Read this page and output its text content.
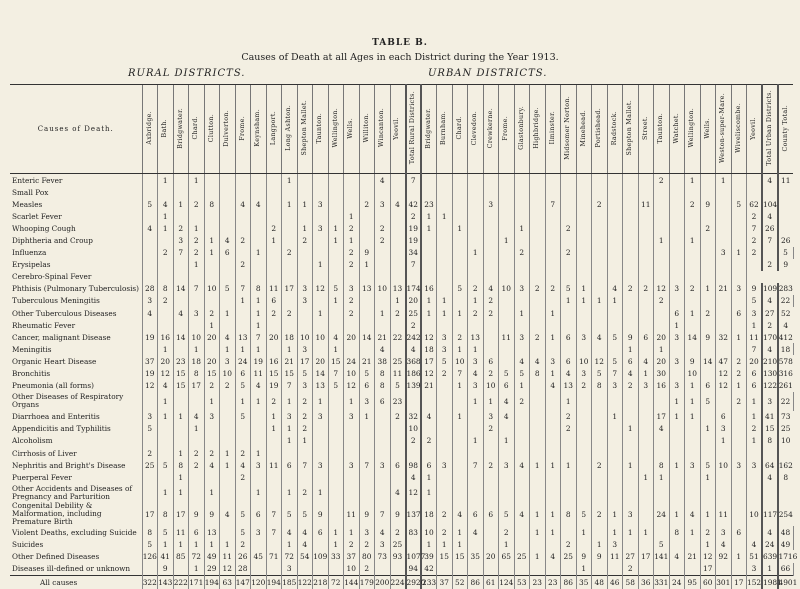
TABLE B.
Causes of Death at all Ages in each District during the Year 1913.
RURAL DISTRICTS.	URBAN DISTRICTS.
Causes of Death.	Axbridge.	Bath.	Bridgwater.	Chard.	Clutton.	Dulverton.	Frome.	Keynsham.	Langport.	Long Ashton.	Shepton Mallet.	Taunton.	Wellington.	Wells.	Williton.	Wincanton.	Yeovil.	Total Rural Districts.	Bridgwater.	Burnham.	Chard.	Clevedon.	Crewkerne.	Frome.	Glastonbury.	Highbridge.	Ilminster.	Midsomer Norton.	Minehead.	Portishead.	Radstock.	Shepton Mallet.	Street.	Taunton.	Watchet.	Wellington.	Wells.	Weston-super-Mare.	Wiveliscombe.	Yeovil.	Total Urban Districts.	County Total.	
Enteric Fever		1		1						1						4		7																2		1		1			4	11	
Small Pox																																											
Measles	5	4	1	2	8		4	4		1	1	3			2	3	4	42	23				3				7			2			11			2	9		5	62	104		
Scarlet Fever		1												1				2	1	1																				2	4		
Whooping Cough	4	1	2	1					2		1	3	1	2		2		19	1		1				1			2									2			7	26		
Diphtheria and Croup			3	2	1	4	2		1		2		1	1		2		19						1										1		1				2	7	26	
Influenza		2	7	2	1	6		1		2				2	9			34				1			2			2										3	1	2		5			
Erysipelas				1			2					1		2	1			7																							2	9	
Cerebro-Spinal Fever																																											
Phthisis (Pulmonary Tuberculosis)	28	8	14	7	10	5	7	8	11	17	3	12	5	3	13	10	13	174	16		5	2	4	10	3	2	2	5	1		4	2	2	12	3	2	1	21	3	9	109	283	
Tuberculous Meningitis	3	2					1	1	6		3		1	2			1	20	1	1		1	2					1	1	1	1			2						5	4	22	
Other Tuberculous Diseases	4		4	3	2	1		1	2	2		1		2		1	2	25	1	1	1	2	2		1		1								6	1	2		6	3	27	52	
Rheumatic Fever					1			1										2																	1					1	2	4	
Cancer, malignant Disease	19	16	14	10	20	4	13	7	20	18	10	10	4	20	14	21	22	242	12	3	2	13		11	3	2	1	6	3	4	5	9	6	20	3	14	9	32	1	11	170	412	
Meningitis		1		1		1	1	1		1	3		1			4		4	18	3	1	1										1		1						7	4	18	
Organic Heart Disease	37	20	23	18	20	3	24	19	16	21	17	20	15	24	21	38	25	368	17	5	10	3	6		4	4	3	6	10	12	5	6	4	20	3	9	14	47	2	20	210	578	
Bronchitis	19	12	15	8	15	10	6	11	15	15	5	14	7	10	5	8	11	186	12	2	7	4	2	5	5	8	1	4	3	5	7	4	1	30		10		12	2	6	130	316	
Pneumonia (all forms)	12	4	15	17	2	2	5	4	19	7	3	13	5	12	6	8	5	139	21		1	3	10	6	1		4	13	2	8	3	2	3	16	3	1	6	12	1	6	122	261	
Other Diseases of Respiratory Organs		1			1		1	1	2	1	2	1		1	3	6	23					1	1	4	2			1							1	1	5		2	1	3	22	
Diarrhoea and Enteritis	3	1	1	4	3		5		1	3	2	3		3	1		2	32	4		1		3	4				2			1			17	1	1		6		1	41	73	
Appendicitis and Typhilitis	5			1					1	1	2							10					2					2				1		4			1	3		2	15	25	
Alcoholism										1	1							2	2			1		1														1		1	8	10	
Cirrhosis of Liver	2		1	2	2	1	2	1																																			
Nephritis and Bright's Disease	25	5	8	2	4	1	4	3	11	6	7	3		3	7	3	6	98	6	3		7	2	3	4	1	1	1		2		1		8	1	3	5	10	3	3	64	162	
Puerperal Fever			1				2											4	1														1	1			1				4	8	
Other Accidents and Diseases of Pregnancy and Parturition		1	1		1			1		1	2	1					4	12	1																								
Congenital Debility & Malformation, including Premature Birth	17	8	17	9	9	4	5	6	7	5	5	9		11	9	7	9	137	18	2	4	6	6	5	4	1	1	8	5	2	1	3		24	1	4	1	11		10	117	254	
Violent Deaths, excluding Suicide	8	5	11	6	13		5	3	7	4	4	6	1	1	3	4	2	83	10	2	1	4		2		1	1		1		1	1	1		8	1	2	3	6		4	48	
Suicides	5	1	1	1	1	1	2			1	4		1	2	2	3	25		1	1	1			1				2		1	3			5			1	4		4	24	49	
Other Defined Diseases	126	41	85	72	49	11	26	45	71	72	54	109	33	37	80	73	93	1077	39	15	15	35	20	65	25	1	4	25	9	9	11	27	17	141	4	21	12	92	1	51	639	1716	
Diseases ill-defined or unknown		9		1	29	12	28			3				10	2			94	42										1			2					17			3	1	66	
All causes	322	143	222	171	194	63	147	120	194	185	122	218	72	144	179	200	224	2920	233	37	52	86	61	124	53	23	23	86	35	48	46	58	36	331	24	95	60	301	17	152	1981	4901	
